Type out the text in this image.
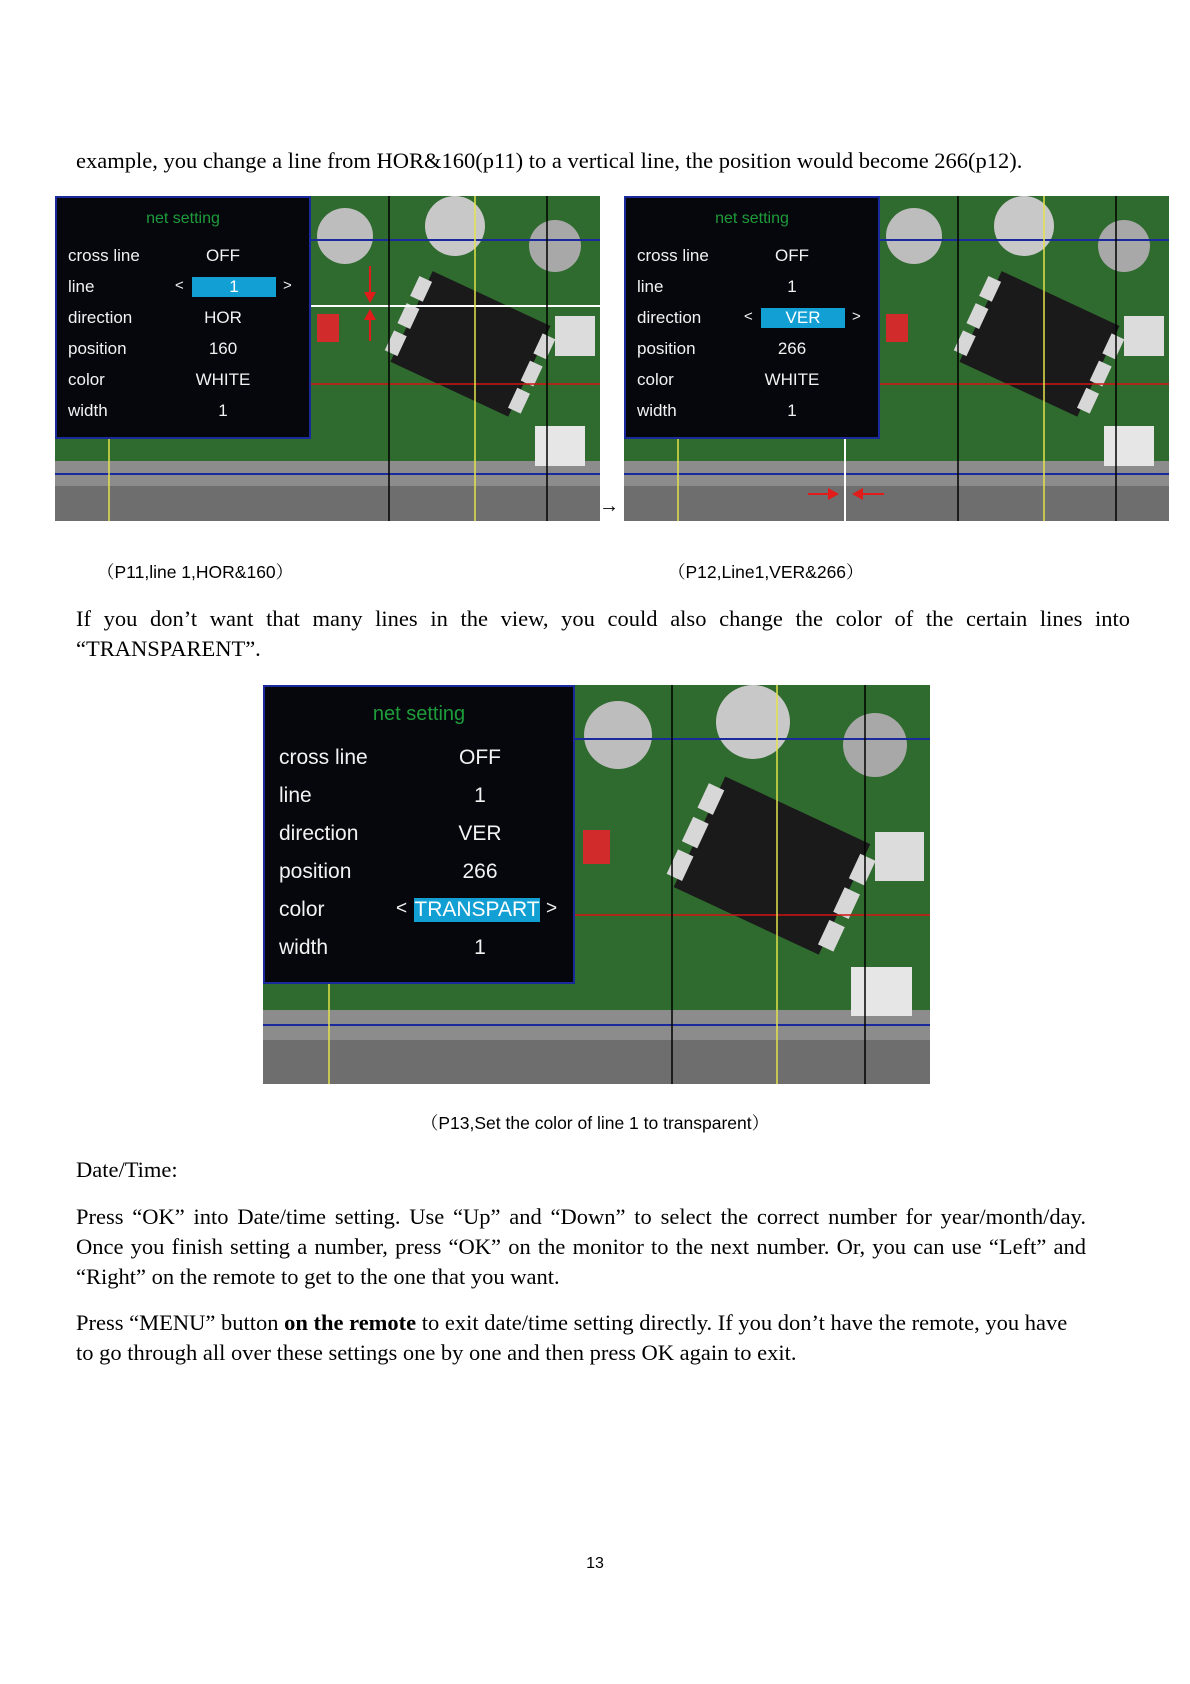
example, you change a line from HOR&160(p11) to a vertical line, the position would become 266(p12).
net setting
cross line	OFF
line	<	1	>
direction	HOR
position	160
color	WHITE
width	1
→
net setting
cross line	OFF
line	1
direction	<	VER	>
position	266
color	WHITE
width	1
（P11,line 1,HOR&160）	（P12,Line1,VER&266）
If you don’t want that many lines in the view, you could also change the color of the certain lines into “TRANSPARENT”.
net setting
cross line	OFF
line	1
direction	VER
position	266
color	< TRANSPART >
width	1
（P13,Set the color of line 1 to transparent）
Date/Time:
Press “OK” into Date/time setting. Use “Up” and “Down” to select the correct number for year/month/day. Once you finish setting a number, press “OK” on the monitor to the next number. Or, you can use “Left” and “Right” on the remote to get to the one that you want.
Press “MENU” button on the remote to exit date/time setting directly. If you don’t have the remote, you have to go through all over these settings one by one and then press OK again to exit.
13
